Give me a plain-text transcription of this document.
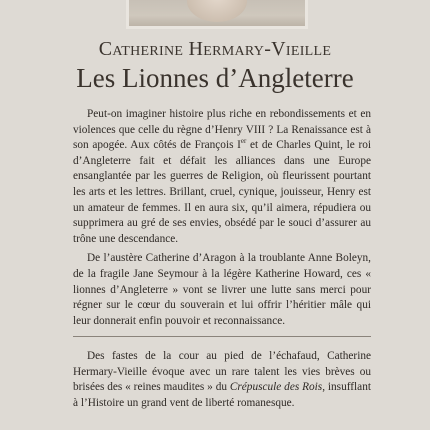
Catherine Hermary-Vieille
Les Lionnes d’Angleterre

Peut-on imaginer histoire plus riche en rebondissements et en violences que celle du règne d’Henry VIII ? La Renaissance est à son apogée. Aux côtés de François Ier et de Charles Quint, le roi d’Angleterre fait et défait les alliances dans une Europe ensanglantée par les guerres de Religion, où fleurissent pourtant les arts et les lettres. Brillant, cruel, cynique, jouisseur, Henry est un amateur de femmes. Il en aura six, qu’il aimera, répudiera ou supprimera au gré de ses envies, obsédé par le souci d’assurer au trône une descendance.

De l’austère Catherine d’Aragon à la troublante Anne Boleyn, de la fragile Jane Seymour à la légère Katherine Howard, ces « lionnes d’Angleterre » vont se livrer une lutte sans merci pour régner sur le cœur du souverain et lui offrir l’héritier mâle qui leur donnerait enfin pouvoir et reconnaissance.

Des fastes de la cour au pied de l’échafaud, Catherine Hermary-Vieille évoque avec un rare talent les vies brèves ou brisées des « reines maudites » du Crépuscule des Rois, insufflant à l’Histoire un grand vent de liberté romanesque.
